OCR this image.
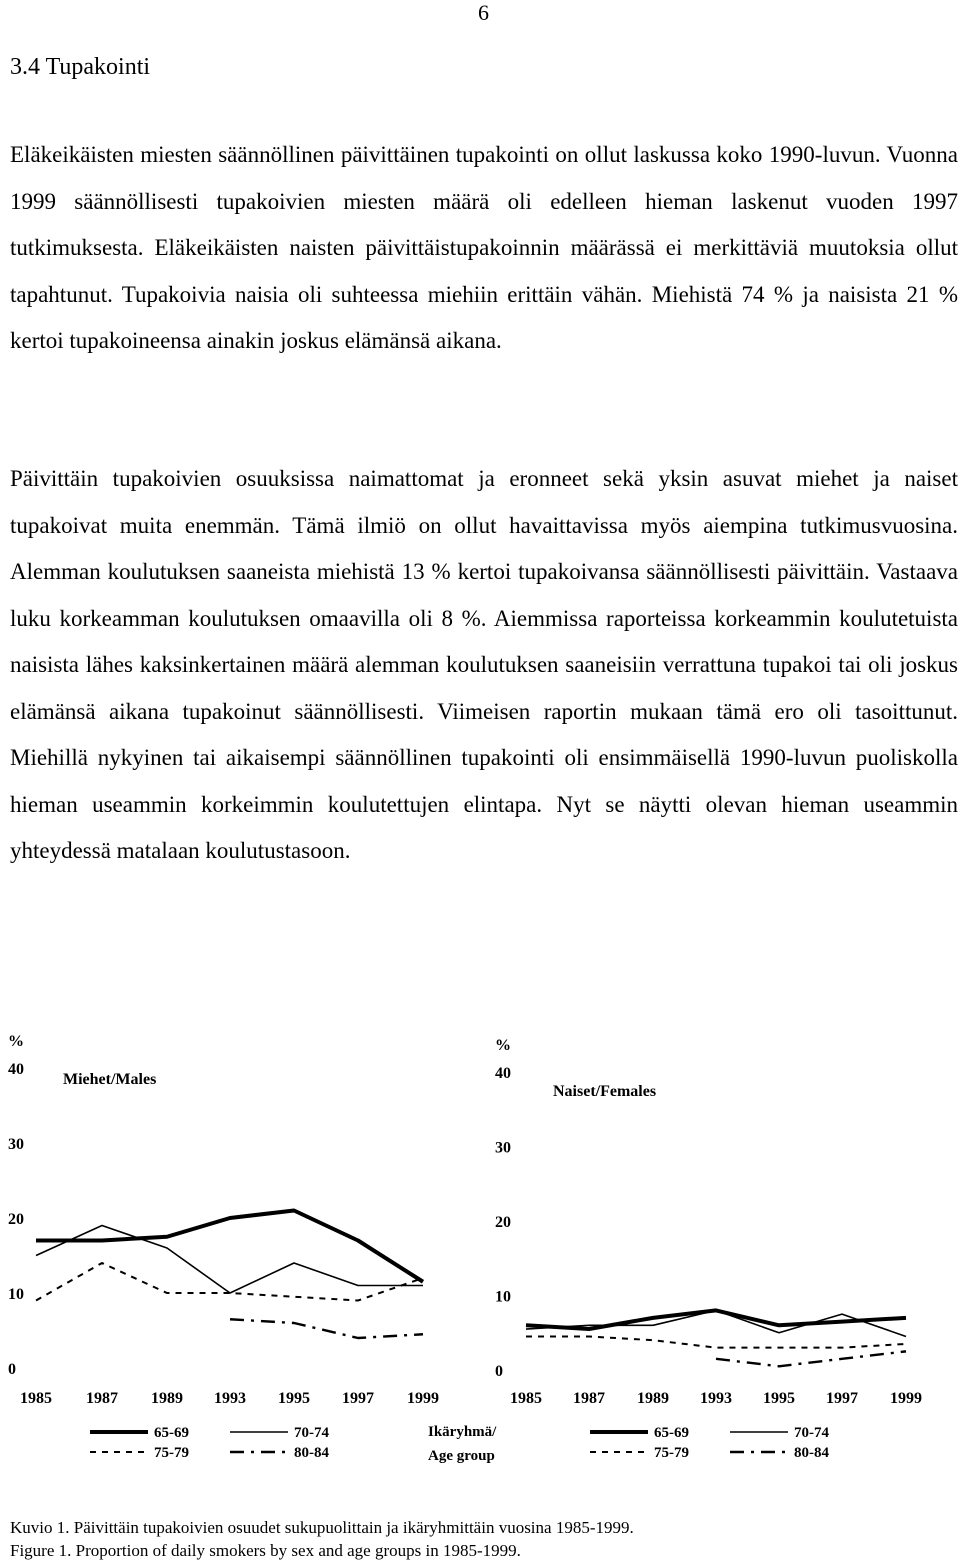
6
3.4 Tupakointi

Eläkeikäisten miesten säännöllinen päivittäinen tupakointi on ollut laskussa koko 1990-luvun. Vuonna 1999 säännöllisesti tupakoivien miesten määrä oli edelleen hieman laskenut vuoden 1997 tutkimuksesta. Eläkeikäisten naisten päivittäistupakoinnin määrässä ei merkittäviä muutoksia ollut tapahtunut. Tupakoivia naisia oli suhteessa miehiin erittäin vähän. Miehistä 74 % ja naisista 21 % kertoi tupakoineensa ainakin joskus elämänsä aikana.

Päivittäin tupakoivien osuuksissa naimattomat ja eronneet sekä yksin asuvat miehet ja naiset tupakoivat muita enemmän. Tämä ilmiö on ollut havaittavissa myös aiempina tutkimusvuosina. Alemman koulutuksen saaneista miehistä 13 % kertoi tupakoivansa säännöllisesti päivittäin. Vastaava luku korkeamman koulutuksen omaavilla oli 8 %. Aiemmissa raporteissa korkeammin koulutetuista naisista lähes kaksinkertainen määrä alemman koulutuksen saaneisiin verrattuna tupakoi tai oli joskus elämänsä aikana tupakoinut säännöllisesti. Viimeisen raportin mukaan tämä ero oli tasoittunut. Miehillä nykyinen tai aikaisempi säännöllinen tupakointi oli ensimmäisellä 1990-luvun puoliskolla hieman useammin korkeimmin koulutettujen elintapa. Nyt se näytti olevan hieman useammin yhteydessä matalaan koulutustasoon.

%
0
10
20
30
40
Miehet/Males
1985 1987 1989 1993 1995 1997 1999
65-69	70-74
75-79	80-84
%
0
10
20
30
40
Naiset/Females
1985 1987 1989 1993 1995 1997 1999
65-69	70-74
75-79	80-84
Ikäryhmä/
Age group
Kuvio 1. Päivittäin tupakoivien osuudet sukupuolittain ja ikäryhmittäin vuosina 1985-1999.
Figure 1. Proportion of daily smokers by sex and age groups in 1985-1999.
